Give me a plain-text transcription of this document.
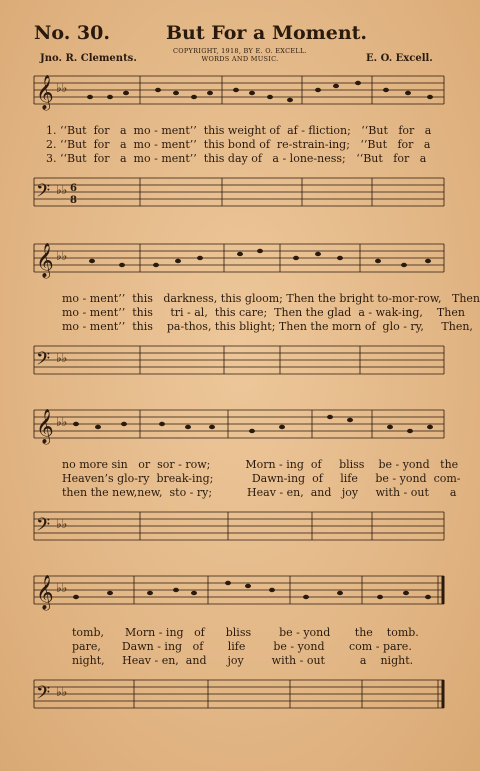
No. 30.	But For a Moment.
COPYRIGHT, 1918, BY E. O. EXCELL.
WORDS AND MUSIC.
Jno. R. Clements.	E. O. Excell.
𝄞 ♭♭
1. ‘‘But  for   a  mo - ment’’  this weight of  af - fliction;   ‘‘But   for   a
2. ‘‘But  for   a  mo - ment’’  this bond of  re-strain-ing;   ‘‘But   for   a
3. ‘‘But  for   a  mo - ment’’  this day of   a - lone-ness;   ‘‘But   for   a
𝄢 ♭♭ 6
8
𝄞 ♭♭
mo - ment’’  this   darkness, this gloom; Then the bright to-mor-row,   Then
mo - ment’’  this     tri - al,  this care;  Then the glad  a - wak-ing,    Then
mo - ment’’  this    pa-thos, this blight; Then the morn of  glo - ry,     Then,
𝄢 ♭♭
𝄞 ♭♭
no more sin   or  sor - row;          Morn - ing  of     bliss    be - yond   the
Heaven’s glo-ry  break-ing;           Dawn-ing  of     life     be - yond  com-
then the new,new,  sto - ry;          Heav - en,  and   joy     with - out      a
𝄢 ♭♭
𝄞 ♭♭
tomb,      Morn - ing   of      bliss        be - yond       the    tomb.
pare,      Dawn - ing   of       life        be - yond       com - pare.
night,     Heav - en,  and      joy        with - out          a    night.
𝄢 ♭♭
